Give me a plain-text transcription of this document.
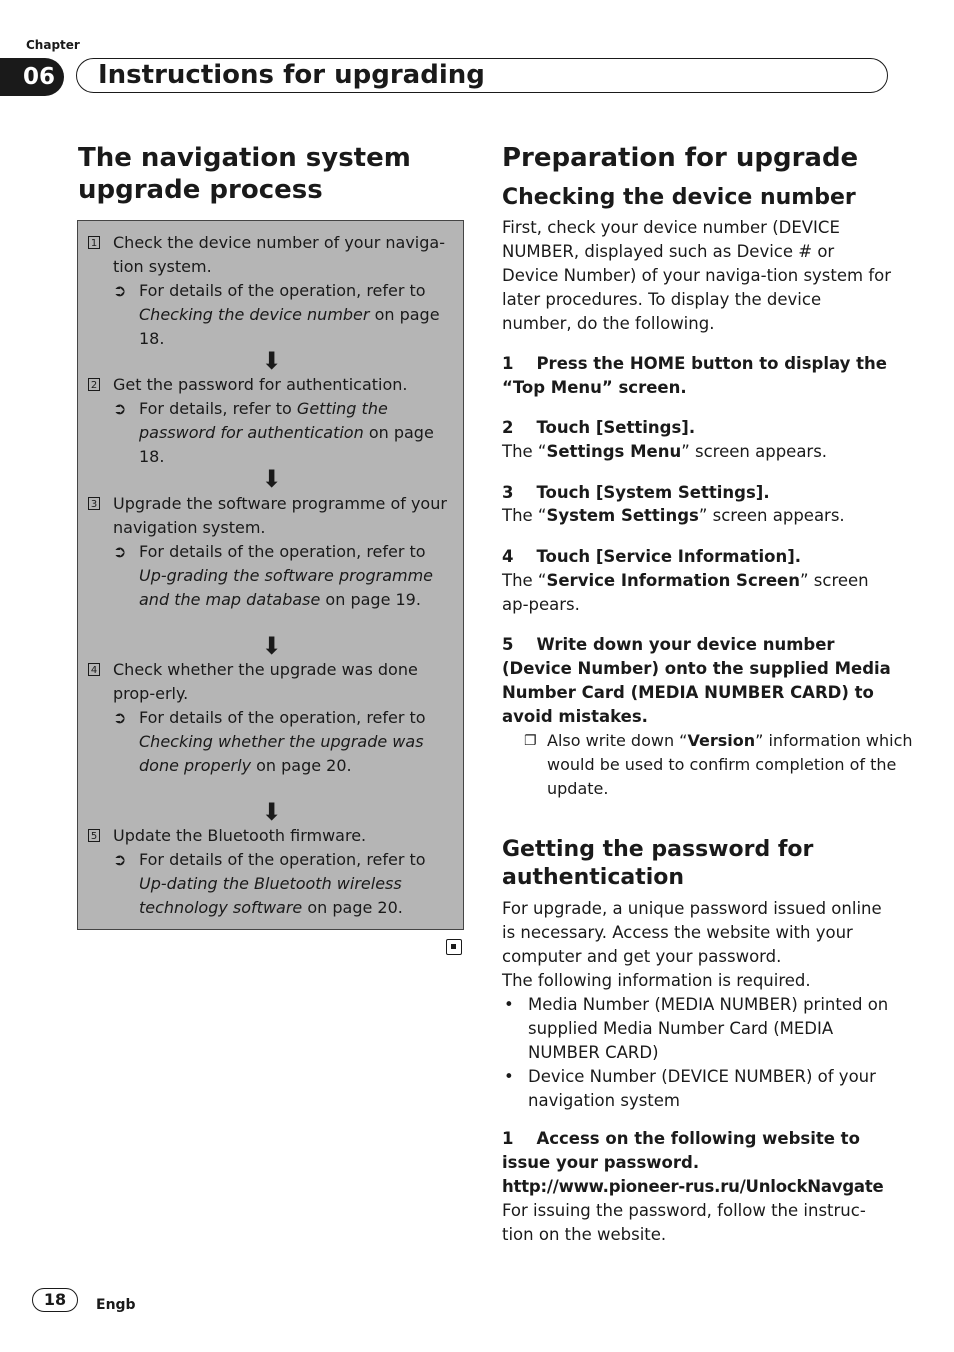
Chapter
06	Instructions for upgrading
The navigation system
upgrade process
1 Check the device number of your naviga-tion system.
➲ For details of the operation, refer to Checking the device number on page 18.
⬇
2 Get the password for authentication.
➲ For details, refer to Getting the password for authentication on page 18.
⬇
3 Upgrade the software programme of your navigation system.
➲ For details of the operation, refer to Up-grading the software programme and the map database on page 19.
⬇
4 Check whether the upgrade was done prop-erly.
➲ For details of the operation, refer to Checking whether the upgrade was done properly on page 20.
⬇
5 Update the Bluetooth firmware.
➲ For details of the operation, refer to Up-dating the Bluetooth wireless technology software on page 20.
Preparation for upgrade
Checking the device number
First, check your device number (DEVICE NUMBER, displayed such as Device # or Device Number) of your naviga-tion system for later procedures. To display the device number, do the following.
1 Press the HOME button to display the “Top Menu” screen.
2 Touch [Settings].
The “Settings Menu” screen appears.
3 Touch [System Settings].
The “System Settings” screen appears.
4 Touch [Service Information].
The “Service Information Screen” screen ap-pears.
5 Write down your device number (Device Number) onto the supplied Media Number Card (MEDIA NUMBER CARD) to avoid mistakes.
❐ Also write down “Version” information which would be used to confirm completion of the update.
Getting the password for authentication
For upgrade, a unique password issued online is necessary. Access the website with your computer and get your password.
The following information is required.
• Media Number (MEDIA NUMBER) printed on supplied Media Number Card (MEDIA NUMBER CARD)
• Device Number (DEVICE NUMBER) of your navigation system
1 Access on the following website to issue your password.
http://www.pioneer-rus.ru/UnlockNavgate
For issuing the password, follow the instruc-tion on the website.
18	Engb
